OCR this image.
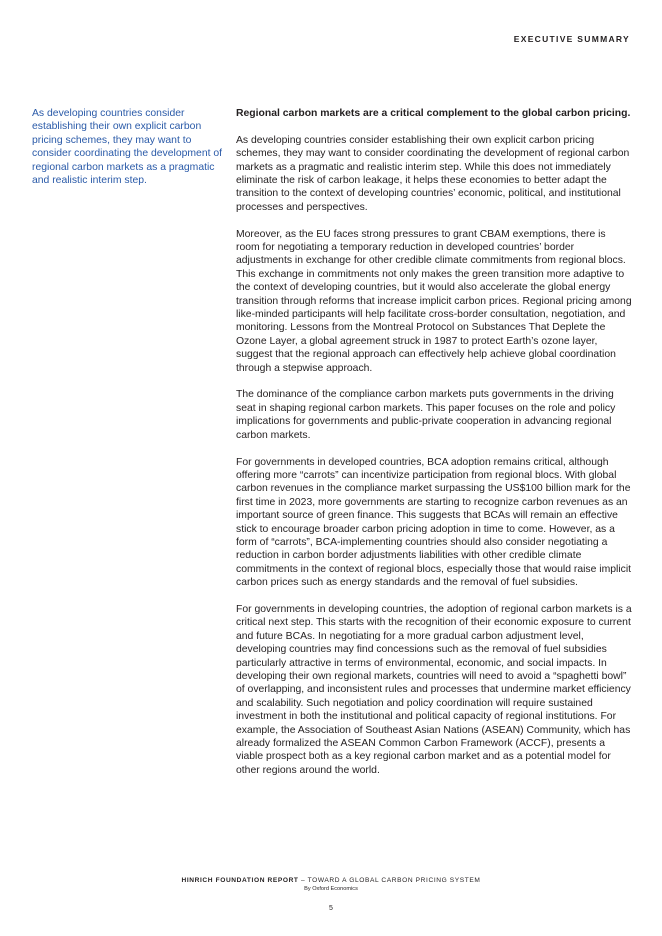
EXECUTIVE SUMMARY

As developing countries consider establishing their own explicit carbon pricing schemes, they may want to consider coordinating the development of regional carbon markets as a pragmatic and realistic interim step.

Regional carbon markets are a critical complement to the global carbon pricing.

As developing countries consider establishing their own explicit carbon pricing schemes, they may want to consider coordinating the development of regional carbon markets as a pragmatic and realistic interim step. While this does not immediately eliminate the risk of carbon leakage, it helps these economies to better adapt the transition to the context of developing countries’ economic, political, and institutional processes and perspectives.

Moreover, as the EU faces strong pressures to grant CBAM exemptions, there is room for negotiating a temporary reduction in developed countries’ border adjustments in exchange for other credible climate commitments from regional blocs. This exchange in commitments not only makes the green transition more adaptive to the context of developing countries, but it would also accelerate the global energy transition through reforms that increase implicit carbon prices. Regional pricing among like-minded participants will help facilitate cross-border consultation, negotiation, and monitoring. Lessons from the Montreal Protocol on Substances That Deplete the Ozone Layer, a global agreement struck in 1987 to protect Earth’s ozone layer, suggest that the regional approach can effectively help achieve global coordination through a stepwise approach.

The dominance of the compliance carbon markets puts governments in the driving seat in shaping regional carbon markets. This paper focuses on the role and policy implications for governments and public-private cooperation in advancing regional carbon markets.

For governments in developed countries, BCA adoption remains critical, although offering more “carrots” can incentivize participation from regional blocs. With global carbon revenues in the compliance market surpassing the US$100 billion mark for the first time in 2023, more governments are starting to recognize carbon revenues as an important source of green finance. This suggests that BCAs will remain an effective stick to encourage broader carbon pricing adoption in time to come. However, as a form of “carrots”, BCA-implementing countries should also consider negotiating a reduction in carbon border adjustments liabilities with other credible climate commitments in the context of regional blocs, especially those that would raise implicit carbon prices such as energy standards and the removal of fuel subsidies.

For governments in developing countries, the adoption of regional carbon markets is a critical next step. This starts with the recognition of their economic exposure to current and future BCAs. In negotiating for a more gradual carbon adjustment level, developing countries may find concessions such as the removal of fuel subsidies particularly attractive in terms of environmental, economic, and social impacts. In developing their own regional markets, countries will need to avoid a “spaghetti bowl” of overlapping, and inconsistent rules and processes that undermine market efficiency and scalability. Such negotiation and policy coordination will require sustained investment in both the institutional and political capacity of regional institutions. For example, the Association of Southeast Asian Nations (ASEAN) Community, which has already formalized the ASEAN Common Carbon Framework (ACCF), presents a viable prospect both as a key regional carbon market and as a potential model for other regions around the world.

HINRICH FOUNDATION REPORT – TOWARD A GLOBAL CARBON PRICING SYSTEM
By Oxford Economics
5
